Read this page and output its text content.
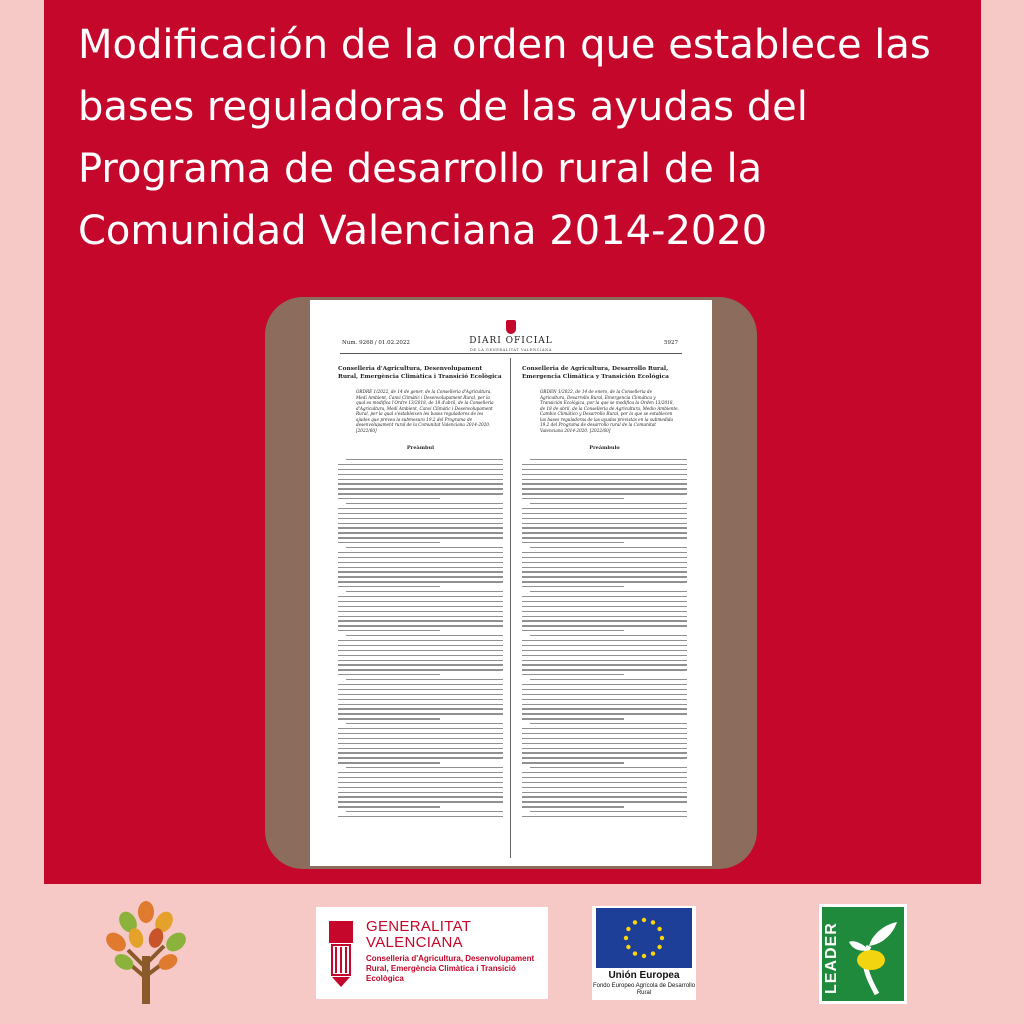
Modificación de la orden que establece las bases reguladoras de las ayudas del Programa de desarrollo rural de la Comunidad Valenciana 2014-2020
Num. 9268 / 01.02.2022	DIARI OFICIAL
DE LA GENERALITAT VALENCIANA
5927
Conselleria d'Agricultura, Desenvolupament Rural, Emergència Climàtica i Transició Ecològica
ORDRE 1/2022, de 14 de gener, de la Conselleria d'Agricultura, Medi Ambient, Canvi Climàtic i Desenvolupament Rural, per la qual es modifica l'Ordre 13/2018, de 18 d'abril, de la Conselleria d'Agricultura, Medi Ambient, Canvi Climàtic i Desenvolupament Rural, per la qual s'estableixen les bases reguladores de les ajudes que preveu la submesura 19.2 del Programa de desenvolupament rural de la Comunitat Valenciana 2014-2020. [2022/60]
Preàmbul
Conselleria de Agricultura, Desarrollo Rural, Emergencia Climática y Transición Ecológica
ORDEN 1/2022, de 14 de enero, de la Conselleria de Agricultura, Desarrollo Rural, Emergencia Climática y Transición Ecológica, por la que se modifica la Orden 13/2018, de 18 de abril, de la Conselleria de Agricultura, Medio Ambiente, Cambio Climático y Desarrollo Rural, por la que se establecen las bases reguladoras de las ayudas previstas en la submedida 19.2 del Programa de desarrollo rural de la Comunitat Valenciana 2014-2020. [2022/60]
Preámbulo
GENERALITAT VALENCIANA
Conselleria d'Agricultura, Desenvolupament Rural, Emergència Climàtica i Transició Ecològica	Unión Europea
Fondo Europeo Agrícola de Desarrollo Rural	LEADER
